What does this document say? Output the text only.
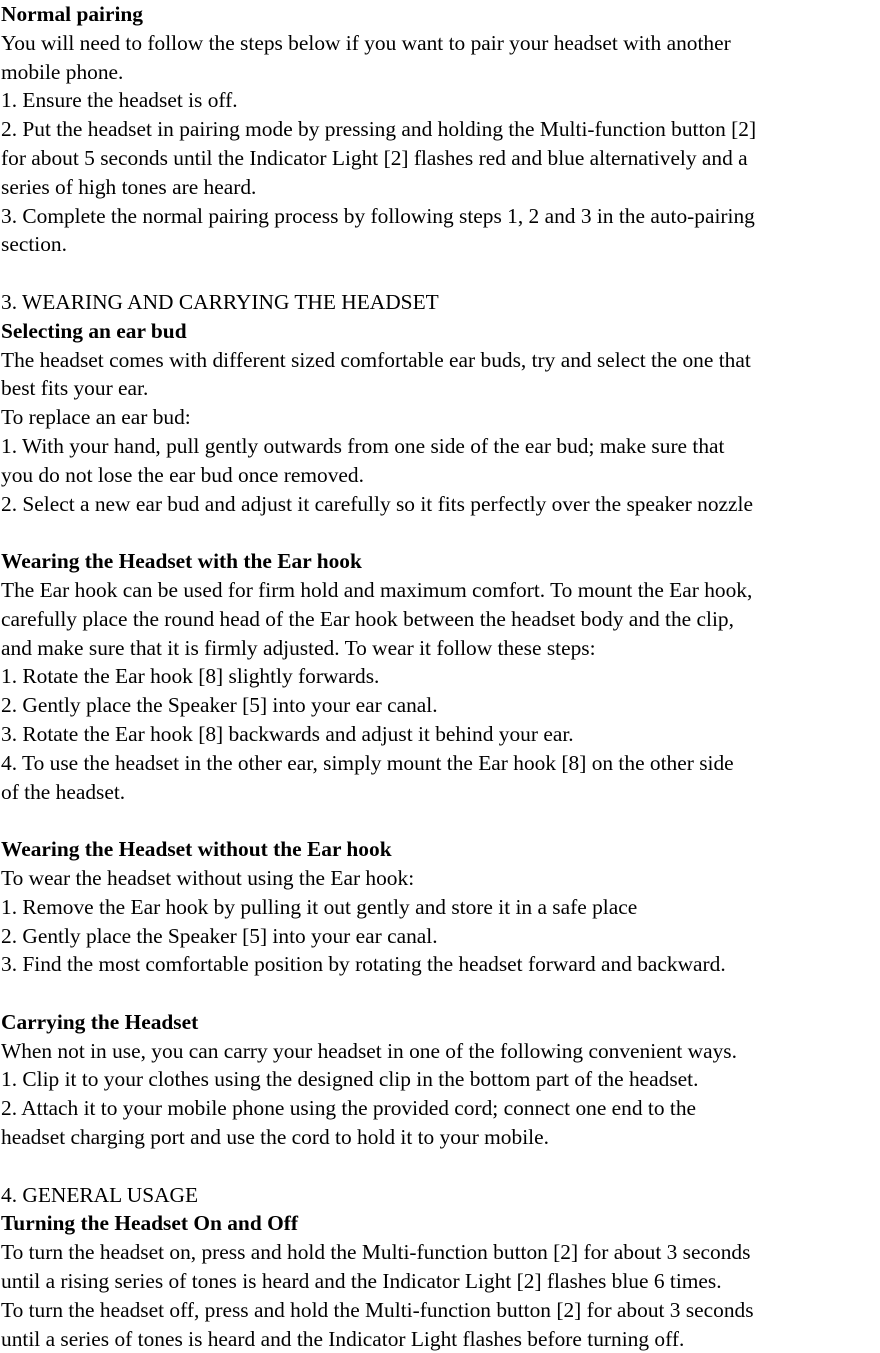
Normal pairing
You will need to follow the steps below if you want to pair your headset with another
mobile phone.
1. Ensure the headset is off.
2. Put the headset in pairing mode by pressing and holding the Multi-function button [2]
for about 5 seconds until the Indicator Light [2] flashes red and blue alternatively and a
series of high tones are heard.
3. Complete the normal pairing process by following steps 1, 2 and 3 in the auto-pairing
section.
3. WEARING AND CARRYING THE HEADSET
Selecting an ear bud
The headset comes with different sized comfortable ear buds, try and select the one that
best fits your ear.
To replace an ear bud:
1. With your hand, pull gently outwards from one side of the ear bud; make sure that
you do not lose the ear bud once removed.
2. Select a new ear bud and adjust it carefully so it fits perfectly over the speaker nozzle
Wearing the Headset with the Ear hook
The Ear hook can be used for firm hold and maximum comfort. To mount the Ear hook,
carefully place the round head of the Ear hook between the headset body and the clip,
and make sure that it is firmly adjusted. To wear it follow these steps:
1. Rotate the Ear hook [8] slightly forwards.
2. Gently place the Speaker [5] into your ear canal.
3. Rotate the Ear hook [8] backwards and adjust it behind your ear.
4. To use the headset in the other ear, simply mount the Ear hook [8] on the other side
of the headset.
Wearing the Headset without the Ear hook
To wear the headset without using the Ear hook:
1. Remove the Ear hook by pulling it out gently and store it in a safe place
2. Gently place the Speaker [5] into your ear canal.
3. Find the most comfortable position by rotating the headset forward and backward.
Carrying the Headset
When not in use, you can carry your headset in one of the following convenient ways.
1. Clip it to your clothes using the designed clip in the bottom part of the headset.
2. Attach it to your mobile phone using the provided cord; connect one end to the
headset charging port and use the cord to hold it to your mobile.
4. GENERAL USAGE
Turning the Headset On and Off
To turn the headset on, press and hold the Multi-function button [2] for about 3 seconds
until a rising series of tones is heard and the Indicator Light [2] flashes blue 6 times.
To turn the headset off, press and hold the Multi-function button [2] for about 3 seconds
until a series of tones is heard and the Indicator Light flashes before turning off.
